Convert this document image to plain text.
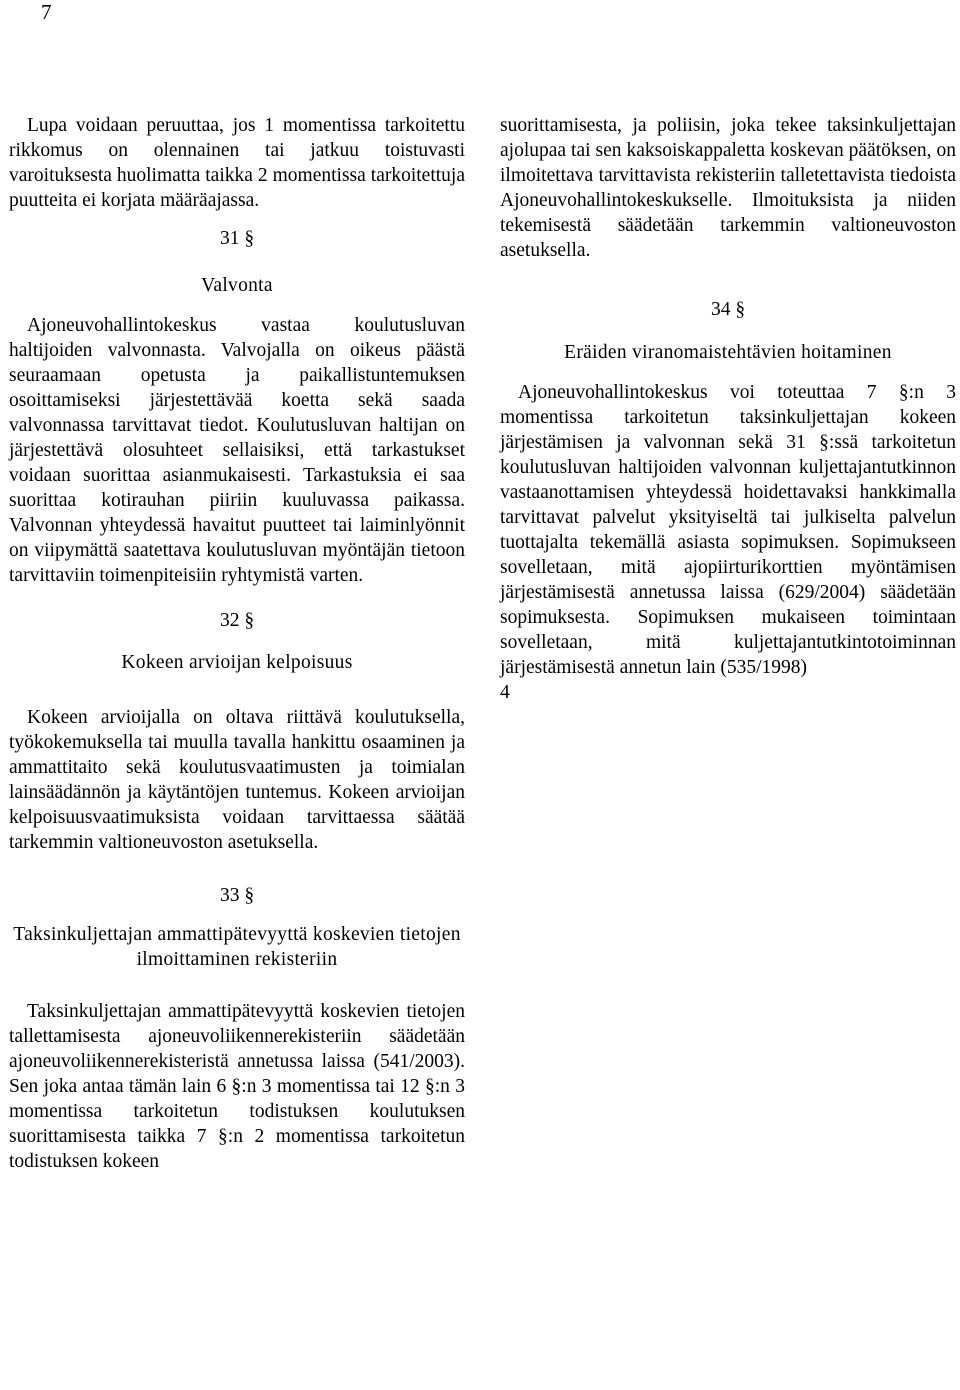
7

Lupa voidaan peruuttaa, jos 1 momentissa tarkoitettu rikkomus on olennainen tai jatkuu toistuvasti varoituksesta huolimatta taikka 2 momentissa tarkoitettuja puutteita ei korjata määräajassa.

31 §
Valvonta

Ajoneuvohallintokeskus vastaa koulutusluvan haltijoiden valvonnasta. Valvojalla on oikeus päästä seuraamaan opetusta ja paikallistuntemuksen osoittamiseksi järjestettävää koetta sekä saada valvonnassa tarvittavat tiedot. Koulutusluvan haltijan on järjestettävä olosuhteet sellaisiksi, että tarkastukset voidaan suorittaa asianmukaisesti. Tarkastuksia ei saa suorittaa kotirauhan piiriin kuuluvassa paikassa. Valvonnan yhteydessä havaitut puutteet tai laiminlyönnit on viipymättä saatettava koulutusluvan myöntäjän tietoon tarvittaviin toimenpiteisiin ryhtymistä varten.

32 §
Kokeen arvioijan kelpoisuus

Kokeen arvioijalla on oltava riittävä koulutuksella, työkokemuksella tai muulla tavalla hankittu osaaminen ja ammattitaito sekä koulutusvaatimusten ja toimialan lainsäädännön ja käytäntöjen tuntemus. Kokeen arvioijan kelpoisuusvaatimuksista voidaan tarvittaessa säätää tarkemmin valtioneuvoston asetuksella.

33 §
Taksinkuljettajan ammattipätevyyttä koskevien tietojen ilmoittaminen rekisteriin

Taksinkuljettajan ammattipätevyyttä koskevien tietojen tallettamisesta ajoneuvoliikennerekisteriin säädetään ajoneuvoliikennerekisteristä annetussa laissa (541/2003). Sen joka antaa tämän lain 6 §:n 3 momentissa tai 12 §:n 3 momentissa tarkoitetun todistuksen koulutuksen suorittamisesta taikka 7 §:n 2 momentissa tarkoitetun todistuksen kokeen

suorittamisesta, ja poliisin, joka tekee taksinkuljettajan ajolupaa tai sen kaksoiskappaletta koskevan päätöksen, on ilmoitettava tarvittavista rekisteriin talletettavista tiedoista Ajoneuvohallintokeskukselle. Ilmoituksista ja niiden tekemisestä säädetään tarkemmin valtioneuvoston asetuksella.

34 §
Eräiden viranomaistehtävien hoitaminen

Ajoneuvohallintokeskus voi toteuttaa 7 §:n 3 momentissa tarkoitetun taksinkuljettajan kokeen järjestämisen ja valvonnan sekä 31 §:ssä tarkoitetun koulutusluvan haltijoiden valvonnan kuljettajantutkinnon vastaanottamisen yhteydessä hoidettavaksi hankkimalla tarvittavat palvelut yksityiseltä tai julkiselta palvelun tuottajalta tekemällä asiasta sopimuksen. Sopimukseen sovelletaan, mitä ajopiirturikorttien myöntämisen järjestämisestä annetussa laissa (629/2004) säädetään sopimuksesta. Sopimuksen mukaiseen toimintaan sovelletaan, mitä kuljettajantutkintotoiminnan järjestämisestä annetun lain (535/1998)

4
